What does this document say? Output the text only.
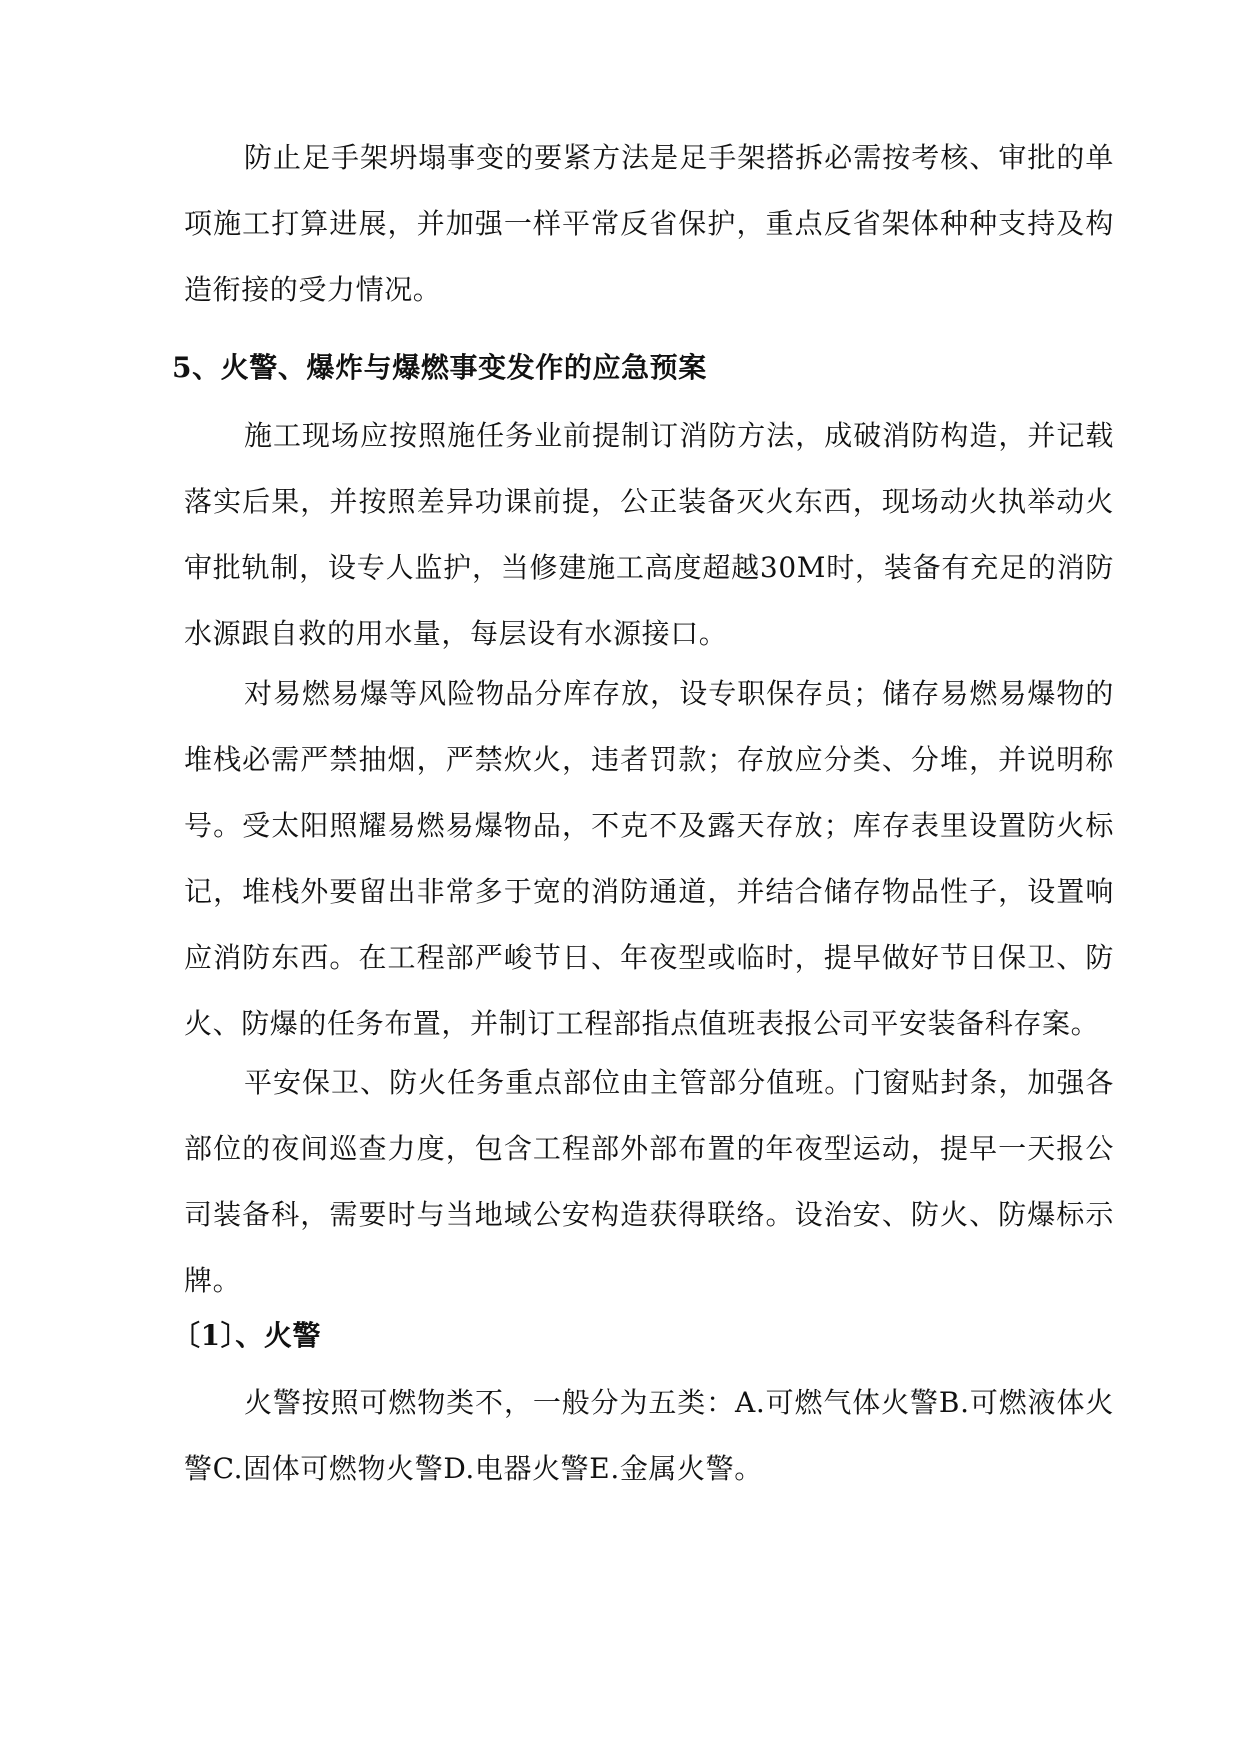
防止足手架坍塌事变的要紧方法是足手架搭拆必需按考核、审批的单项施工打算进展，并加强一样平常反省保护，重点反省架体种种支持及构造衔接的受力情况。

5、火警、爆炸与爆燃事变发作的应急预案

施工现场应按照施任务业前提制订消防方法，成破消防构造，并记载落实后果，并按照差异功课前提，公正装备灭火东西，现场动火执举动火审批轨制，设专人监护，当修建施工高度超越30M时，装备有充足的消防水源跟自救的用水量，每层设有水源接口。

对易燃易爆等风险物品分库存放，设专职保存员；储存易燃易爆物的堆栈必需严禁抽烟，严禁炊火，违者罚款；存放应分类、分堆，并说明称号。受太阳照耀易燃易爆物品，不克不及露天存放；库存表里设置防火标记，堆栈外要留出非常多于宽的消防通道，并结合储存物品性子，设置响应消防东西。在工程部严峻节日、年夜型或临时，提早做好节日保卫、防火、防爆的任务布置，并制订工程部指点值班表报公司平安装备科存案。

平安保卫、防火任务重点部位由主管部分值班。门窗贴封条，加强各部位的夜间巡查力度，包含工程部外部布置的年夜型运动，提早一天报公司装备科，需要时与当地域公安构造获得联络。设治安、防火、防爆标示牌。

〔1〕、火警

火警按照可燃物类不，一般分为五类：A.可燃气体火警B.可燃液体火警C.固体可燃物火警D.电器火警E.金属火警。
